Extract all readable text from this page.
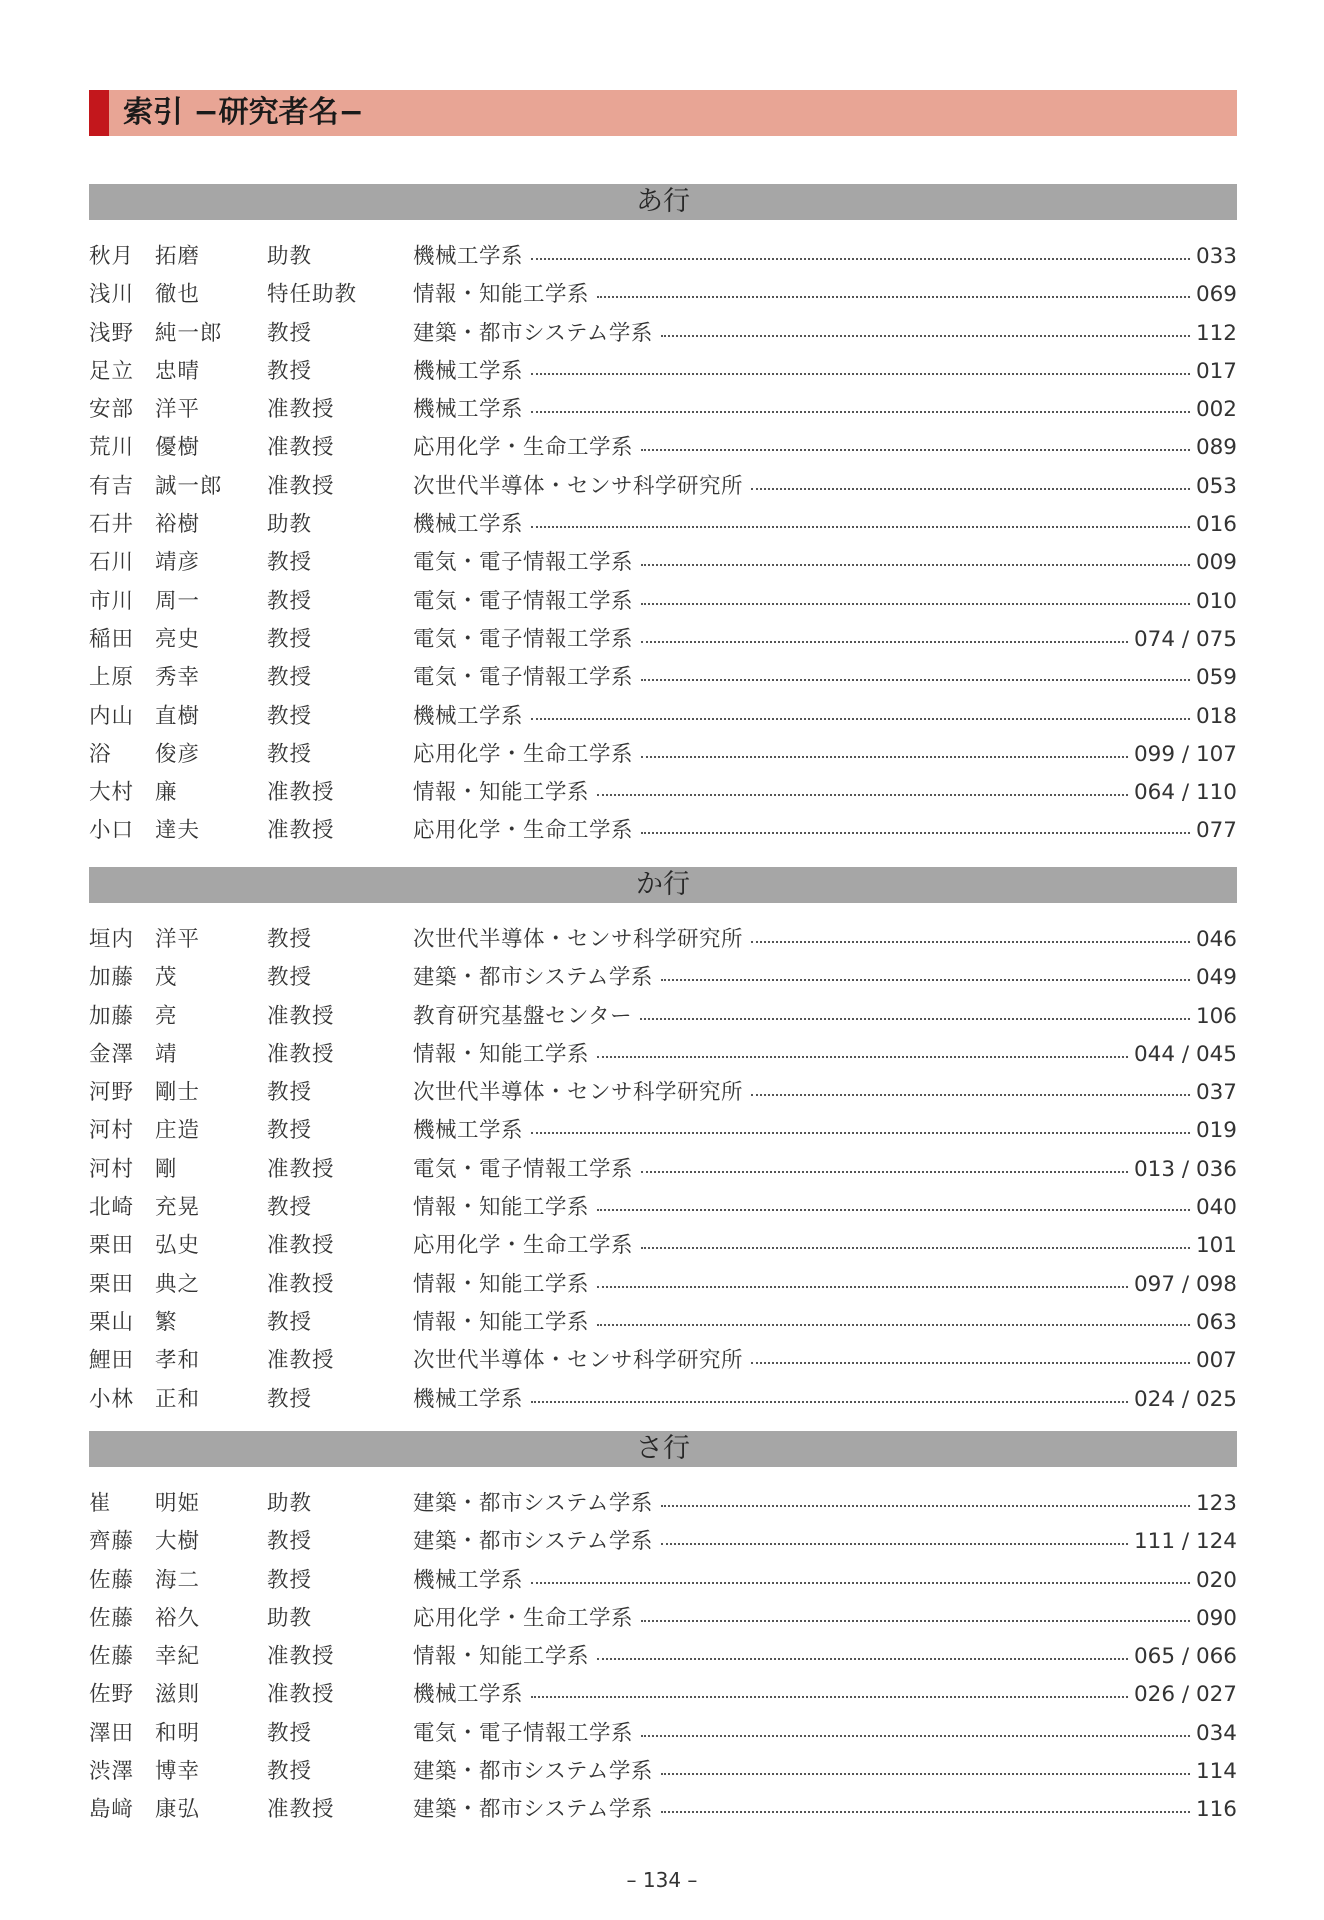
索引 −研究者名−
あ行
秋月 拓磨	助教	機械工学系	033
浅川 徹也	特任助教	情報・知能工学系	069
浅野 純一郎	教授	建築・都市システム学系	112
足立 忠晴	教授	機械工学系	017
安部 洋平	准教授	機械工学系	002
荒川 優樹	准教授	応用化学・生命工学系	089
有吉 誠一郎	准教授	次世代半導体・センサ科学研究所	053
石井 裕樹	助教	機械工学系	016
石川 靖彦	教授	電気・電子情報工学系	009
市川 周一	教授	電気・電子情報工学系	010
稲田 亮史	教授	電気・電子情報工学系	074 / 075
上原 秀幸	教授	電気・電子情報工学系	059
内山 直樹	教授	機械工学系	018
浴	俊彦	教授	応用化学・生命工学系	099 / 107
大村 廉	准教授	情報・知能工学系	064 / 110
小口 達夫	准教授	応用化学・生命工学系	077
か行
垣内 洋平	教授	次世代半導体・センサ科学研究所	046
加藤 茂	教授	建築・都市システム学系	049
加藤 亮	准教授	教育研究基盤センター	106
金澤 靖	准教授	情報・知能工学系	044 / 045
河野 剛士	教授	次世代半導体・センサ科学研究所	037
河村 庄造	教授	機械工学系	019
河村 剛	准教授	電気・電子情報工学系	013 / 036
北崎 充晃	教授	情報・知能工学系	040
栗田 弘史	准教授	応用化学・生命工学系	101
栗田 典之	准教授	情報・知能工学系	097 / 098
栗山 繁	教授	情報・知能工学系	063
鯉田 孝和	准教授	次世代半導体・センサ科学研究所	007
小林 正和	教授	機械工学系	024 / 025
さ行
崔	明姫	助教	建築・都市システム学系	123
齊藤 大樹	教授	建築・都市システム学系	111 / 124
佐藤 海二	教授	機械工学系	020
佐藤 裕久	助教	応用化学・生命工学系	090
佐藤 幸紀	准教授	情報・知能工学系	065 / 066
佐野 滋則	准教授	機械工学系	026 / 027
澤田 和明	教授	電気・電子情報工学系	034
渋澤 博幸	教授	建築・都市システム学系	114
島﨑 康弘	准教授	建築・都市システム学系	116
– 134 –
